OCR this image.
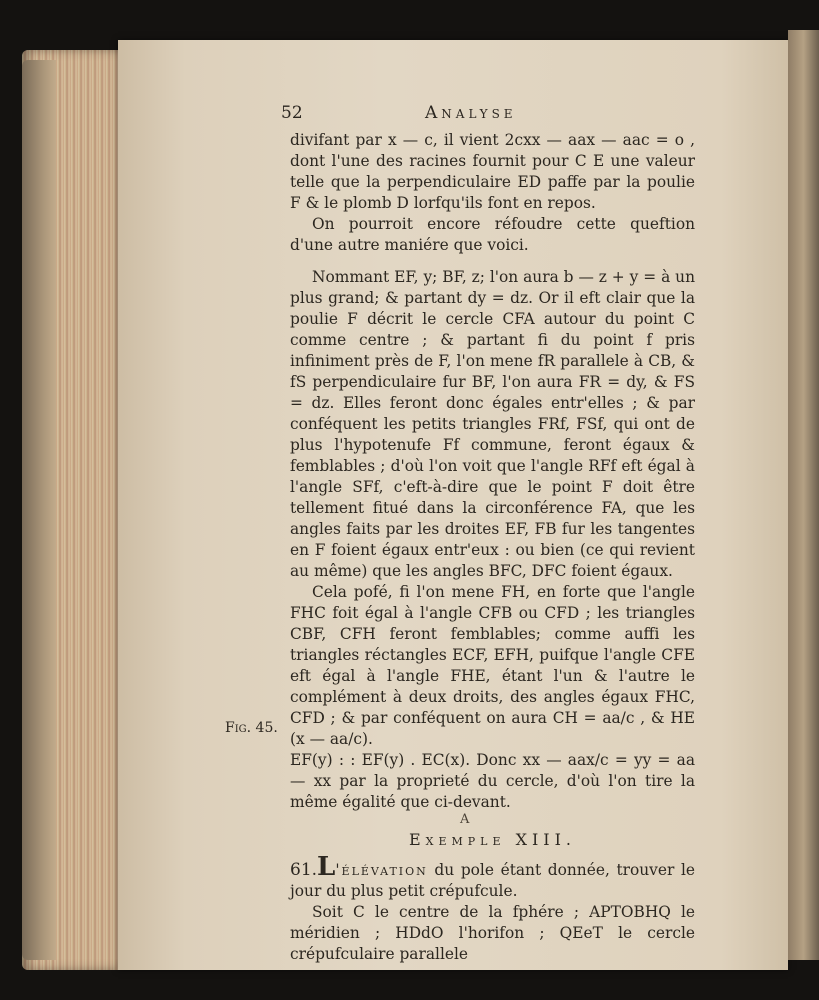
52	Analyse

divifant par x — c, il vient 2cxx — aax — aac = o , dont l'une des racines fournit pour C E une valeur telle que la perpendiculaire ED paffe par la poulie F & le plomb D lorfqu'ils font en repos.

On pourroit encore réfoudre cette queftion d'une autre maniére que voici.

Nommant EF, y; BF, z; l'on aura b — z + y = à un plus grand; & partant dy = dz. Or il eft clair que la poulie F décrit le cercle CFA autour du point C comme centre ; & partant fi du point f pris infiniment près de F, l'on mene fR parallele à CB, & fS perpendiculaire fur BF, l'on aura FR = dy, & FS = dz. Elles feront donc égales entr'elles ; & par conféquent les petits triangles FRf, FSf, qui ont de plus l'hypotenufe Ff commune, feront égaux & femblables ; d'où l'on voit que l'angle RFf eft égal à l'angle SFf, c'eft-à-dire que le point F doit être tellement fitué dans la circonférence FA, que les angles faits par les droites EF, FB fur les tangentes en F foient égaux entr'eux : ou bien (ce qui revient au même) que les angles BFC, DFC foient égaux.

Cela pofé, fi l'on mene FH, en forte que l'angle FHC foit égal à l'angle CFB ou CFD ; les triangles CBF, CFH feront femblables; comme auffi les triangles réctangles ECF, EFH, puifque l'angle CFE eft égal à l'angle FHE, étant l'un & l'autre le complément à deux droits, des angles égaux FHC, CFD ; & par conféquent on aura CH = aa/c , & HE (x — aa/c).

EF(y) : : EF(y) . EC(x). Donc xx — aax/c = yy = aa — xx par la proprieté du cercle, d'où l'on tire la même égalité que ci-devant.

Exemple XIII.

61.L'élévation du pole étant donnée, trouver le jour du plus petit crépufcule.

Soit C le centre de la fphére ; APTOBHQ le méridien ; HDdO l'horifon ; QEeT le cercle crépufculaire parallele

Fig. 45.
A
